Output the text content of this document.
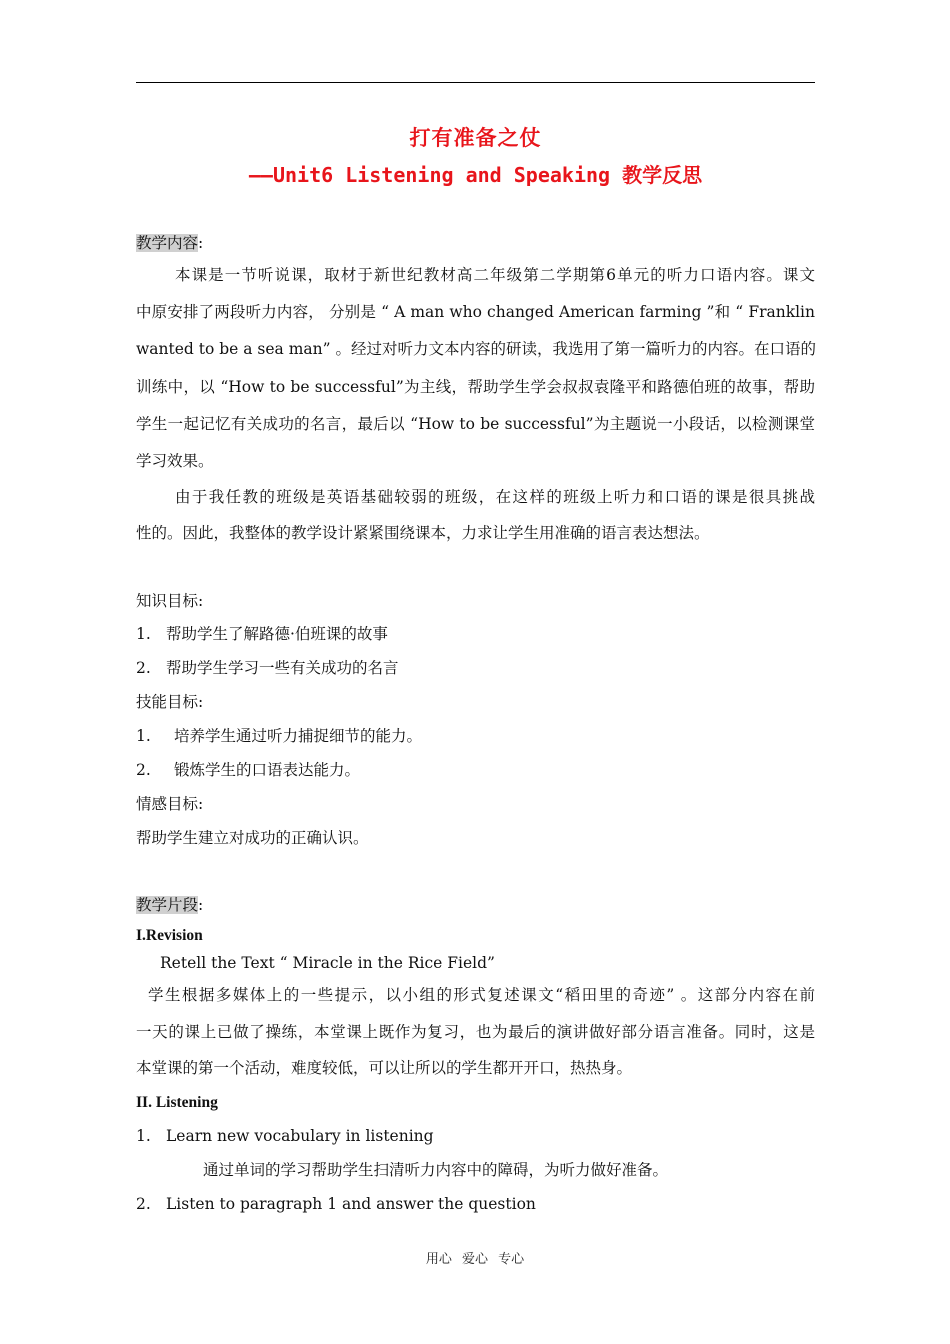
打有准备之仗
——Unit6 Listening and Speaking 教学反思
教学内容:
本课是一节听说课，取材于新世纪教材高二年级第二学期第6单元的听力口语内容。课文
中原安排了两段听力内容， 分别是 “ A man who changed American farming ”和 “ Franklin
wanted to be a sea man” 。经过对听力文本内容的研读，我选用了第一篇听力的内容。在口语的
训练中，以 “How to be successful”为主线，帮助学生学会叔叔袁隆平和路德伯班的故事，帮助
学生一起记忆有关成功的名言，最后以 “How to be successful”为主题说一小段话，以检测课堂
学习效果。
由于我任教的班级是英语基础较弱的班级，在这样的班级上听力和口语的课是很具挑战
性的。因此，我整体的教学设计紧紧围绕课本，力求让学生用准确的语言表达想法。
知识目标:
1. 帮助学生了解路德·伯班课的故事
2. 帮助学生学习一些有关成功的名言
技能目标:
1. 培养学生通过听力捕捉细节的能力。
2. 锻炼学生的口语表达能力。
情感目标:
帮助学生建立对成功的正确认识。
教学片段:
I.Revision
Retell the Text “ Miracle in the Rice Field”
学生根据多媒体上的一些提示，以小组的形式复述课文“稻田里的奇迹” 。这部分内容在前
一天的课上已做了操练，本堂课上既作为复习，也为最后的演讲做好部分语言准备。同时，这是
本堂课的第一个活动，难度较低，可以让所以的学生都开开口，热热身。
II. Listening
1. Learn new vocabulary in listening
通过单词的学习帮助学生扫清听力内容中的障碍，为听力做好准备。
2. Listen to paragraph 1 and answer the question
用心 爱心 专心
